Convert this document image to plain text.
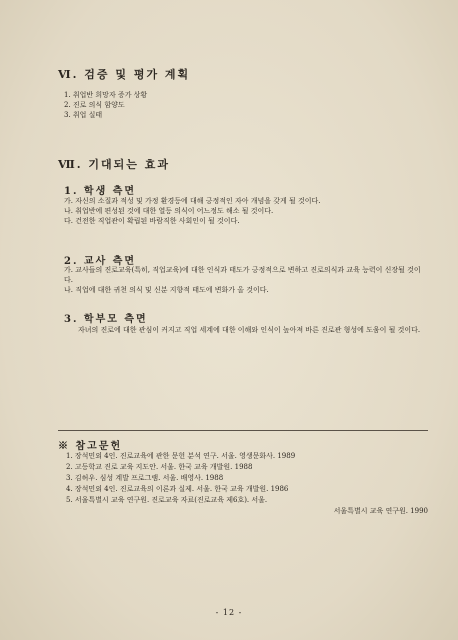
Ⅵ. 검증 및 평가 계획
1. 취업반 희망자 증가 상황
2. 진로 의식 함양도
3. 취업 실태
Ⅶ. 기대되는 효과
1. 학생 측면
가. 자신의 소질과 적성 및 가정 환경등에 대해 긍정적인 자아 개념을 갖게 될 것이다.
나. 취업반에 편성된 것에 대한 열등 의식이 어느정도 해소 될 것이다.
다. 건전한 직업관이 확립된 바람직한 사회인이 될 것이다.
2. 교사 측면
가. 교사들의 진로교육(특히, 직업교육)에 대한 인식과 태도가 긍정적으로 변하고 진로의식과 교육 능력이 신장될 것이다.
나. 직업에 대한 귀천 의식 및 신분 지향적 태도에 변화가 올 것이다.
3. 학부모 측면
자녀의 진로에 대한 관심이 커지고 직업 세계에 대한 이해와 인식이 높아져 바른 진로관 형성에 도움이 될 것이다.
※ 참고문헌
1. 장석민외 4인. 진로교육에 관한 문헌 분석 연구. 서울. 영생문화사. 1989
2. 고등학교 진로 교육 지도안. 서울. 한국 교육 개발원. 1988
3. 김허우. 심성 계발 프로그램. 서울. 배영사. 1988
4. 장석민외 4인. 진로교육의 이론과 실제. 서울. 한국 교육 개발원. 1986
5. 서울특별시 교육 연구원. 진로교육 자료(진로교육 제6호). 서울.
서울특별시 교육 연구원. 1990
- 12 -
